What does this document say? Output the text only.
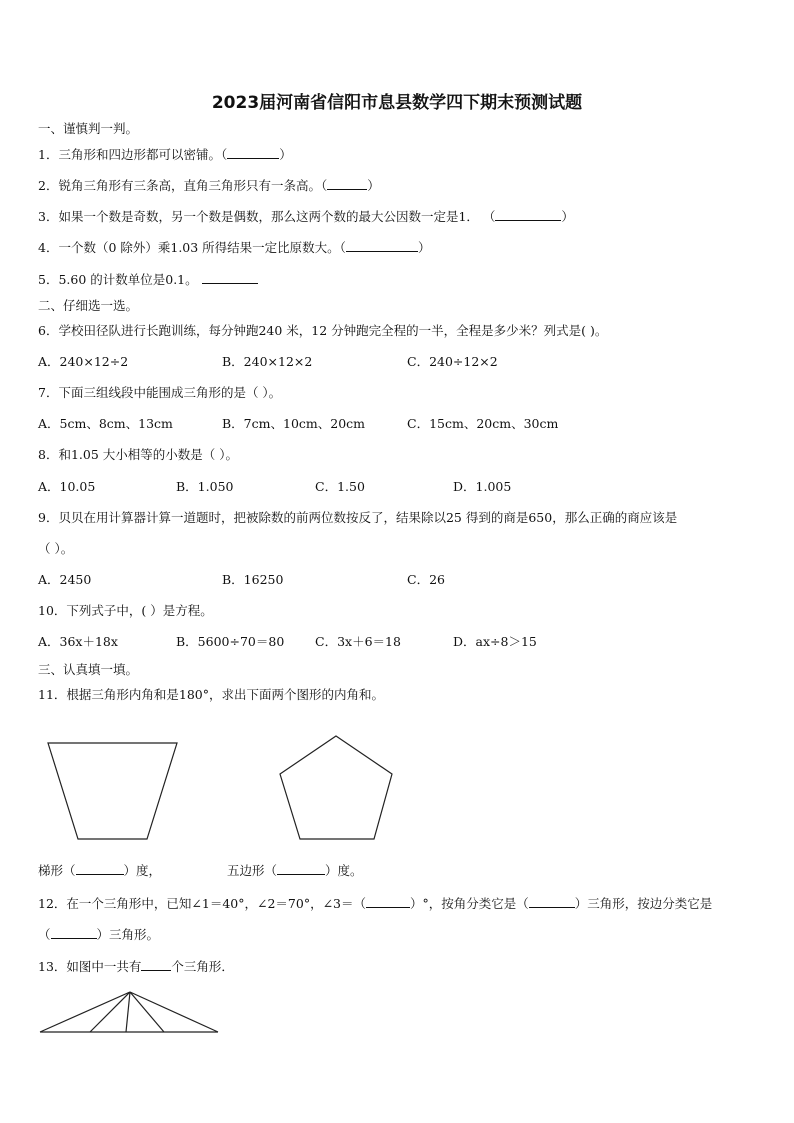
2023届河南省信阳市息县数学四下期末预测试题
一、谨慎判一判。
1．三角形和四边形都可以密铺。（	）
2．锐角三角形有三条高，直角三角形只有一条高。（	）
3．如果一个数是奇数，另一个数是偶数，那么这两个数的最大公因数一定是1． （	）
4．一个数（0 除外）乘1.03 所得结果一定比原数大。（	）
5．5.60 的计数单位是0.1。
二、仔细选一选。
6．学校田径队进行长跑训练，每分钟跑240 米，12 分钟跑完全程的一半，全程是多少米？列式是( )。
A．240×12÷2	B．240×12×2	C．240÷12×2
7．下面三组线段中能围成三角形的是（ ）。
A．5cm、8cm、13cm	B．7cm、10cm、20cm	C．15cm、20cm、30cm
8．和1.05 大小相等的小数是（ ）。
A．10.05	B．1.050	C．1.50	D．1.005
9．贝贝在用计算器计算一道题时，把被除数的前两位数按反了，结果除以25 得到的商是650，那么正确的商应该是
（ ）。
A．2450	B．16250	C．26
10．下列式子中，( ）是方程。
A．36x＋18x	B．5600÷70＝80 C．3x＋6＝18	D．ax÷8＞15
三、认真填一填。
11．根据三角形内角和是180°，求出下面两个图形的内角和。
梯形（	）度，	五边形（	）度。
12．在一个三角形中，已知∠1＝40°，∠2＝70°，∠3＝（	）°，按角分类它是（	）三角形，按边分类它是
（	）三角形。
13．如图中一共有 个三角形．
